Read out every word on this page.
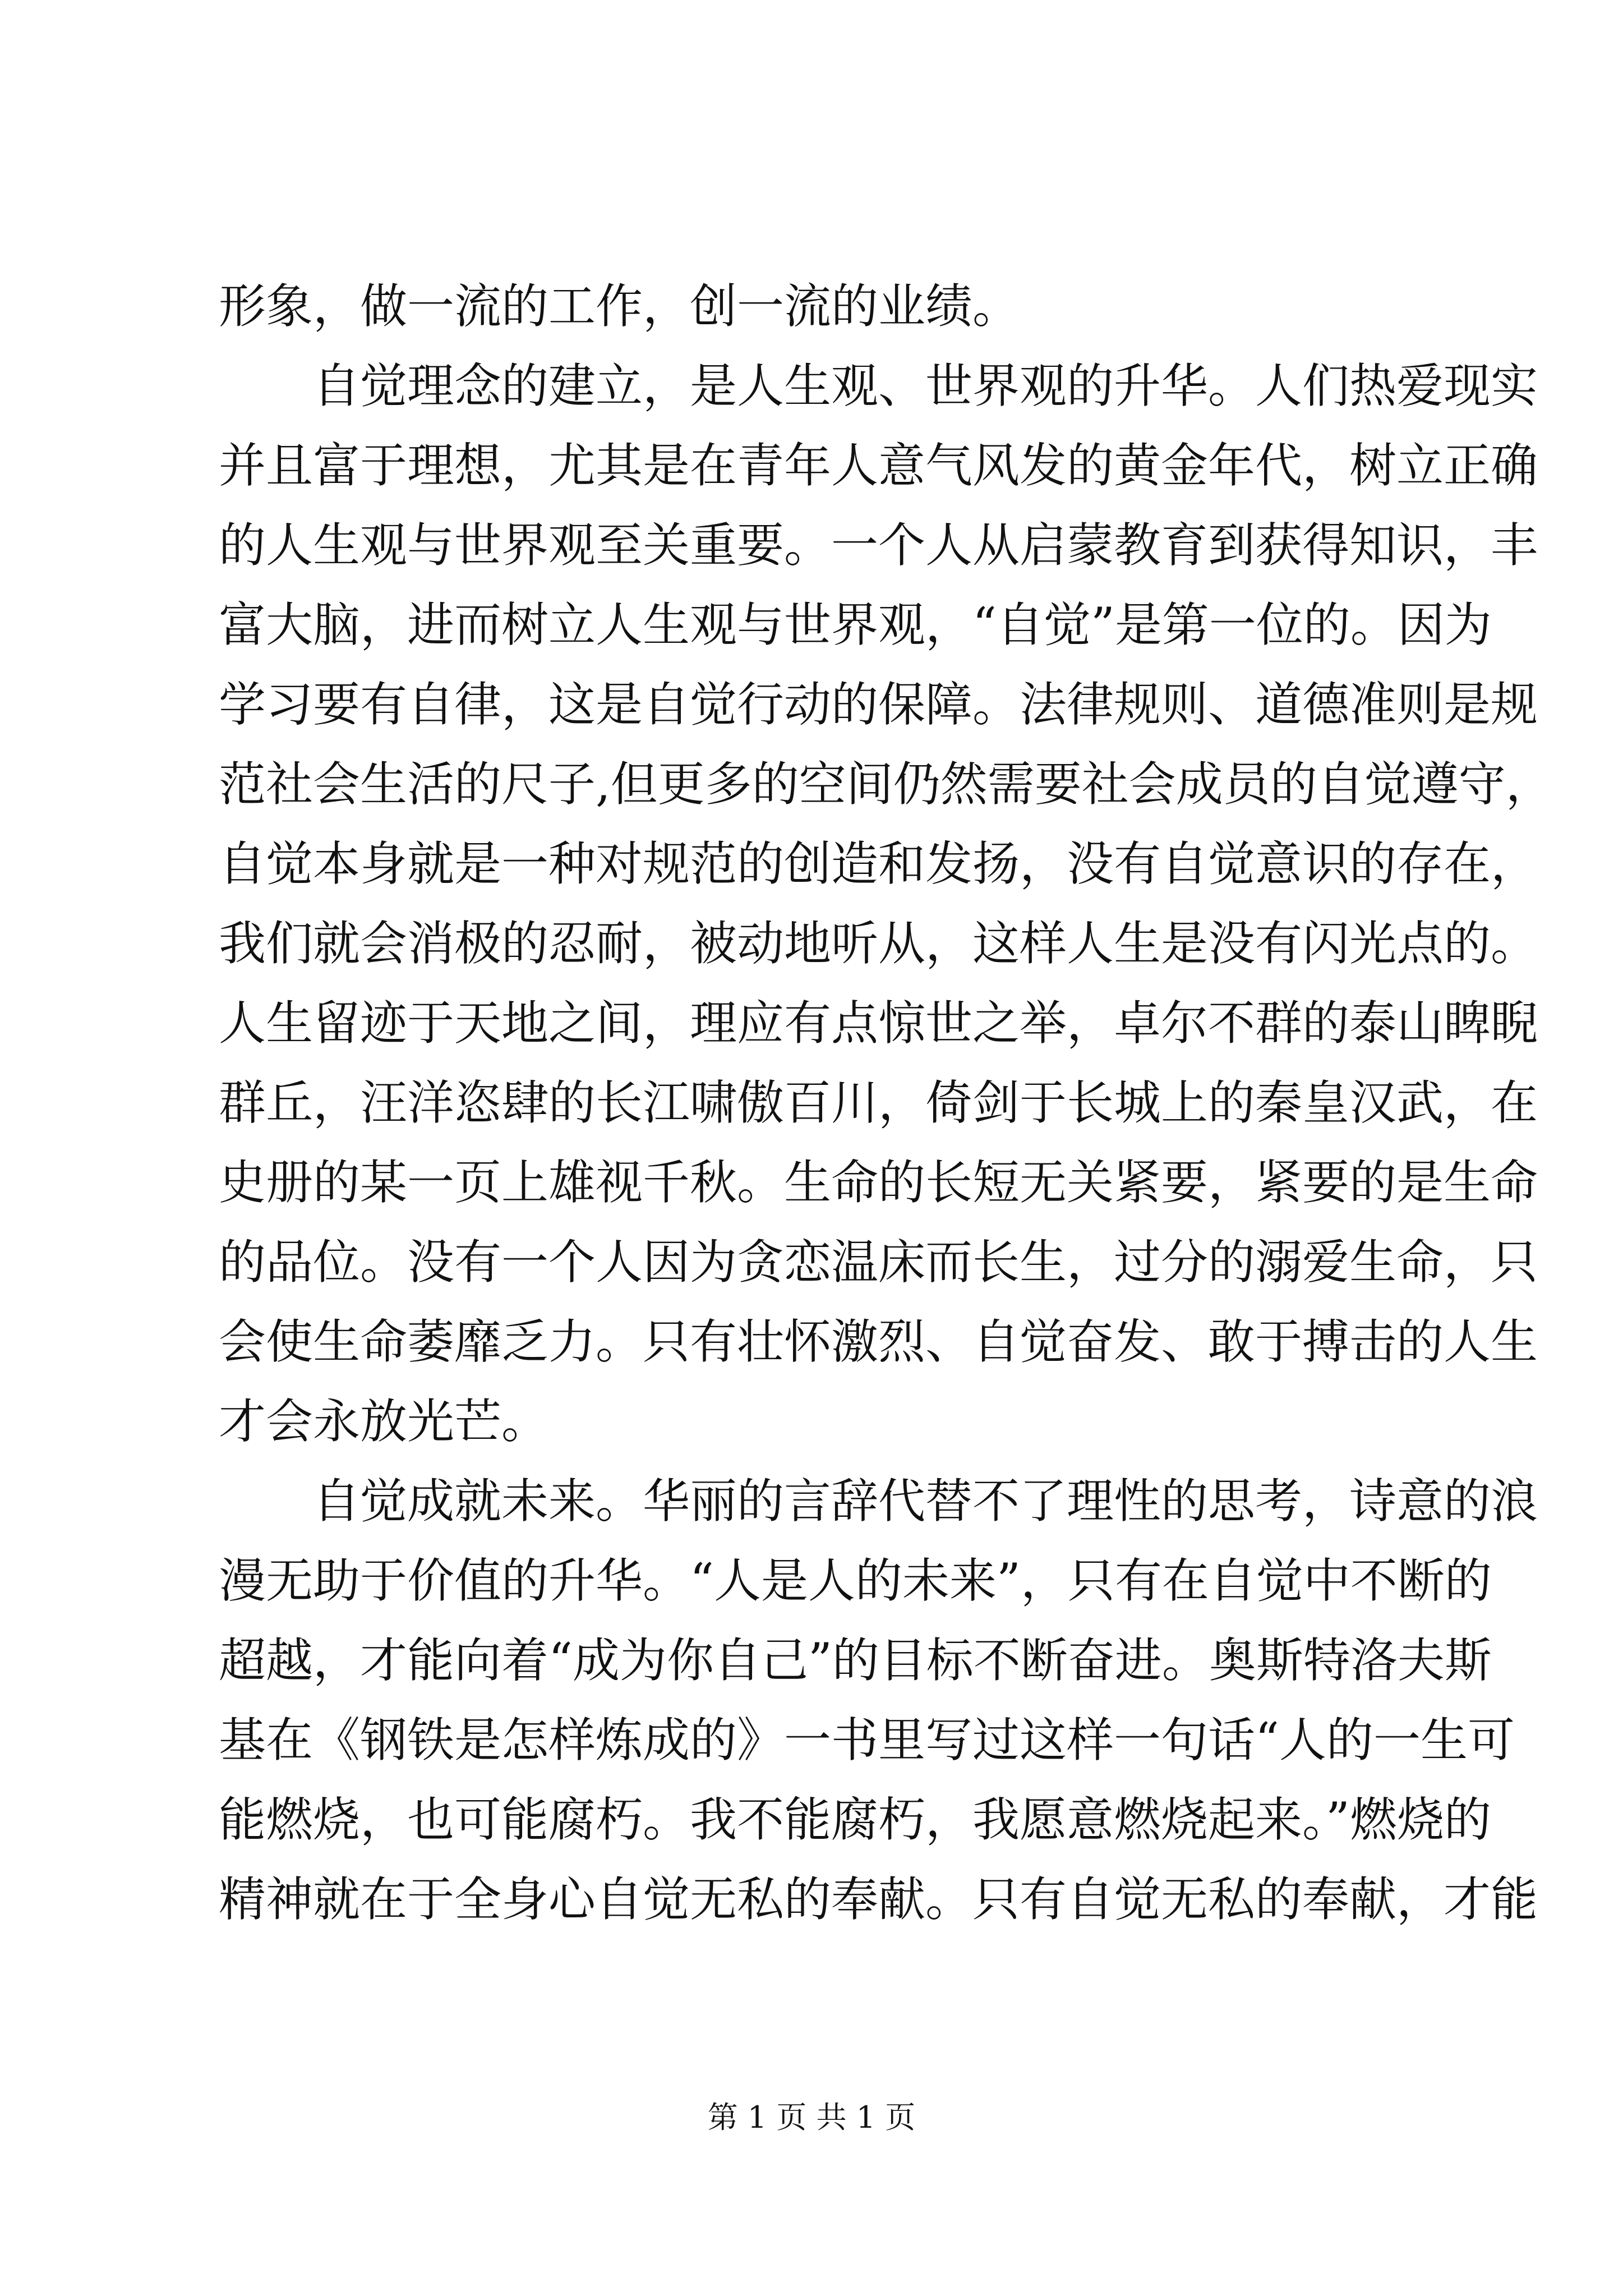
形象，做一流的工作，创一流的业绩。
自觉理念的建立，是人生观、世界观的升华。人们热爱现实
并且富于理想，尤其是在青年人意气风发的黄金年代，树立正确
的人生观与世界观至关重要。一个人从启蒙教育到获得知识，丰
富大脑，进而树立人生观与世界观，“自觉”是第一位的。因为
学习要有自律，这是自觉行动的保障。法律规则、道德准则是规
范社会生活的尺子,但更多的空间仍然需要社会成员的自觉遵守，
自觉本身就是一种对规范的创造和发扬，没有自觉意识的存在，
我们就会消极的忍耐，被动地听从，这样人生是没有闪光点的。
人生留迹于天地之间，理应有点惊世之举，卓尔不群的泰山睥睨
群丘，汪洋恣肆的长江啸傲百川，倚剑于长城上的秦皇汉武，在
史册的某一页上雄视千秋。生命的长短无关紧要，紧要的是生命
的品位。没有一个人因为贪恋温床而长生，过分的溺爱生命，只
会使生命萎靡乏力。只有壮怀激烈、自觉奋发、敢于搏击的人生
才会永放光芒。
自觉成就未来。华丽的言辞代替不了理性的思考，诗意的浪
漫无助于价值的升华。“人是人的未来”，只有在自觉中不断的
超越，才能向着“成为你自己”的目标不断奋进。奥斯特洛夫斯
基在《钢铁是怎样炼成的》一书里写过这样一句话“人的一生可
能燃烧，也可能腐朽。我不能腐朽，我愿意燃烧起来。”燃烧的
精神就在于全身心自觉无私的奉献。只有自觉无私的奉献，才能
第 1 页 共 1 页
